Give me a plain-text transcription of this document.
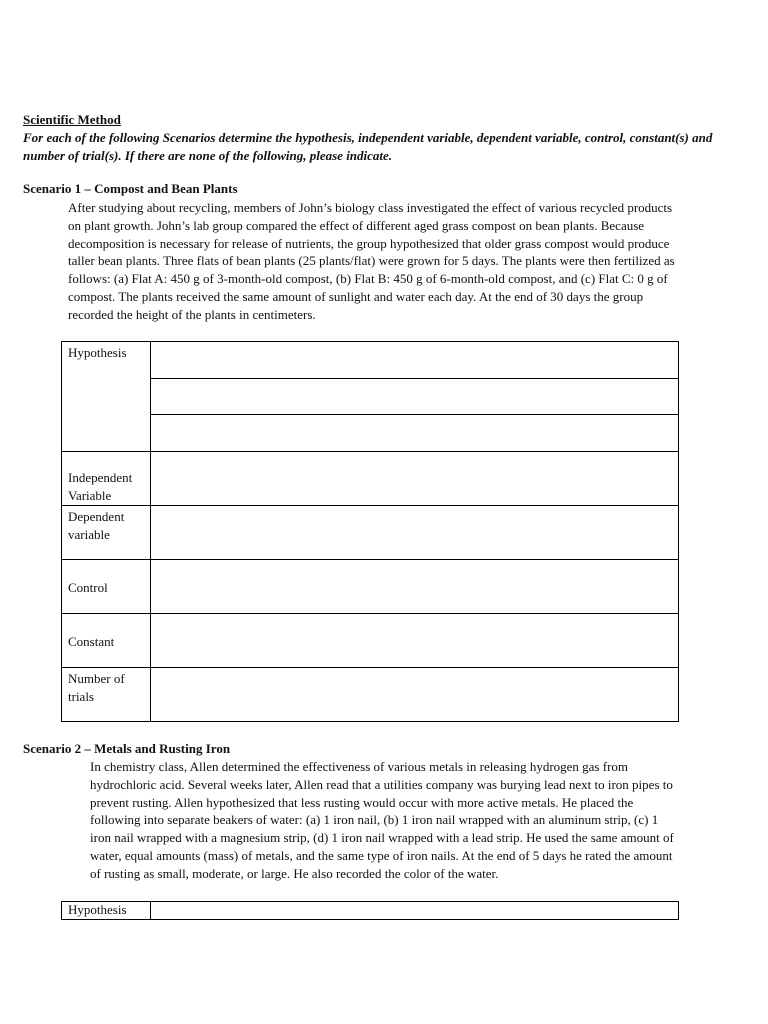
Scientific Method
For each of the following Scenarios determine the hypothesis, independent variable, dependent variable, control, constant(s) and number of trial(s). If there are none of the following, please indicate.
Scenario 1 – Compost and Bean Plants
After studying about recycling, members of John’s biology class investigated the effect of various recycled products on plant growth. John’s lab group compared the effect of different aged grass compost on bean plants. Because decomposition is necessary for release of nutrients, the group hypothesized that older grass compost would produce taller bean plants. Three flats of bean plants (25 plants/flat) were grown for 5 days. The plants were then fertilized as follows: (a) Flat A: 450 g of 3-month-old compost, (b) Flat B: 450 g of 6-month-old compost, and (c) Flat C: 0 g of compost. The plants received the same amount of sunlight and water each day. At the end of 30 days the group recorded the height of the plants in centimeters.
Hypothesis	

Independent Variable	

Dependent variable	

Control	

Constant	

Number of trials	

Scenario 2 – Metals and Rusting Iron
In chemistry class, Allen determined the effectiveness of various metals in releasing hydrogen gas from hydrochloric acid. Several weeks later, Allen read that a utilities company was burying lead next to iron pipes to prevent rusting. Allen hypothesized that less rusting would occur with more active metals. He placed the following into separate beakers of water: (a) 1 iron nail, (b) 1 iron nail wrapped with an aluminum strip, (c) 1 iron nail wrapped with a magnesium strip, (d) 1 iron nail wrapped with a lead strip. He used the same amount of water, equal amounts (mass) of metals, and the same type of iron nails. At the end of 5 days he rated the amount of rusting as small, moderate, or large. He also recorded the color of the water.
Hypothesis
